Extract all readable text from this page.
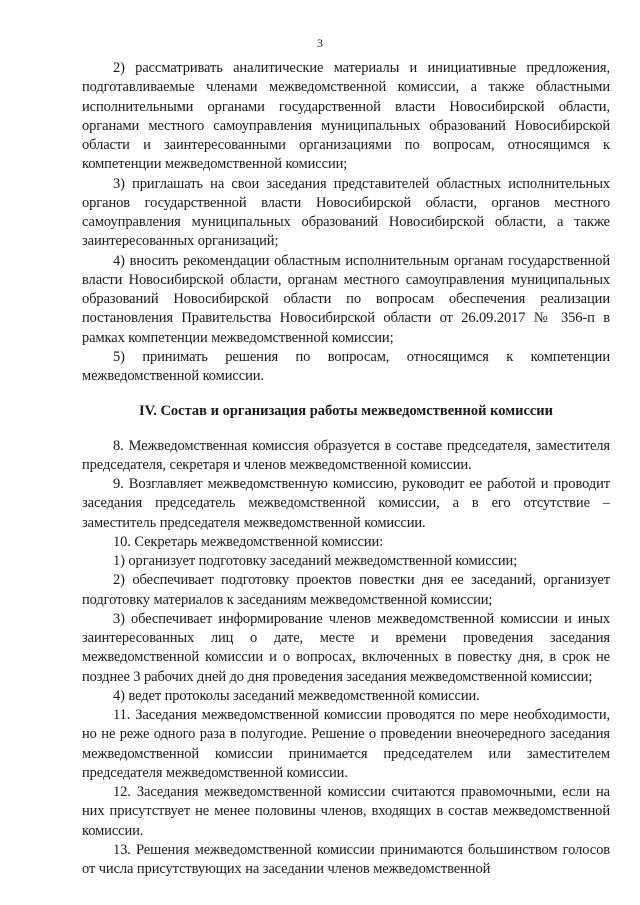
3

2) рассматривать аналитические материалы и инициативные предложения, подготавливаемые членами межведомственной комиссии, а также областными исполнительными органами государственной власти Новосибирской области, органами местного самоуправления муниципальных образований Новосибирской области и заинтересованными организациями по вопросам, относящимся к компетенции межведомственной комиссии;

3) приглашать на свои заседания представителей областных исполнительных органов государственной власти Новосибирской области, органов местного самоуправления муниципальных образований Новосибирской области, а также заинтересованных организаций;

4) вносить рекомендации областным исполнительным органам государственной власти Новосибирской области, органам местного самоуправления муниципальных образований Новосибирской области по вопросам обеспечения реализации постановления Правительства Новосибирской области от 26.09.2017 № 356-п в рамках компетенции межведомственной комиссии;

5) принимать решения по вопросам, относящимся к компетенции межведомственной комиссии.

IV. Состав и организация работы межведомственной комиссии

8. Межведомственная комиссия образуется в составе председателя, заместителя председателя, секретаря и членов межведомственной комиссии.

9. Возглавляет межведомственную комиссию, руководит ее работой и проводит заседания председатель межведомственной комиссии, а в его отсутствие – заместитель председателя межведомственной комиссии.

10. Секретарь межведомственной комиссии:

1) организует подготовку заседаний межведомственной комиссии;

2) обеспечивает подготовку проектов повестки дня ее заседаний, организует подготовку материалов к заседаниям межведомственной комиссии;

3) обеспечивает информирование членов межведомственной комиссии и иных заинтересованных лиц о дате, месте и времени проведения заседания межведомственной комиссии и о вопросах, включенных в повестку дня, в срок не позднее 3 рабочих дней до дня проведения заседания межведомственной комиссии;

4) ведет протоколы заседаний межведомственной комиссии.

11. Заседания межведомственной комиссии проводятся по мере необходимости, но не реже одного раза в полугодие. Решение о проведении внеочередного заседания межведомственной комиссии принимается председателем или заместителем председателя межведомственной комиссии.

12. Заседания межведомственной комиссии считаются правомочными, если на них присутствует не менее половины членов, входящих в состав межведомственной комиссии.

13. Решения межведомственной комиссии принимаются большинством голосов от числа присутствующих на заседании членов межведомственной
